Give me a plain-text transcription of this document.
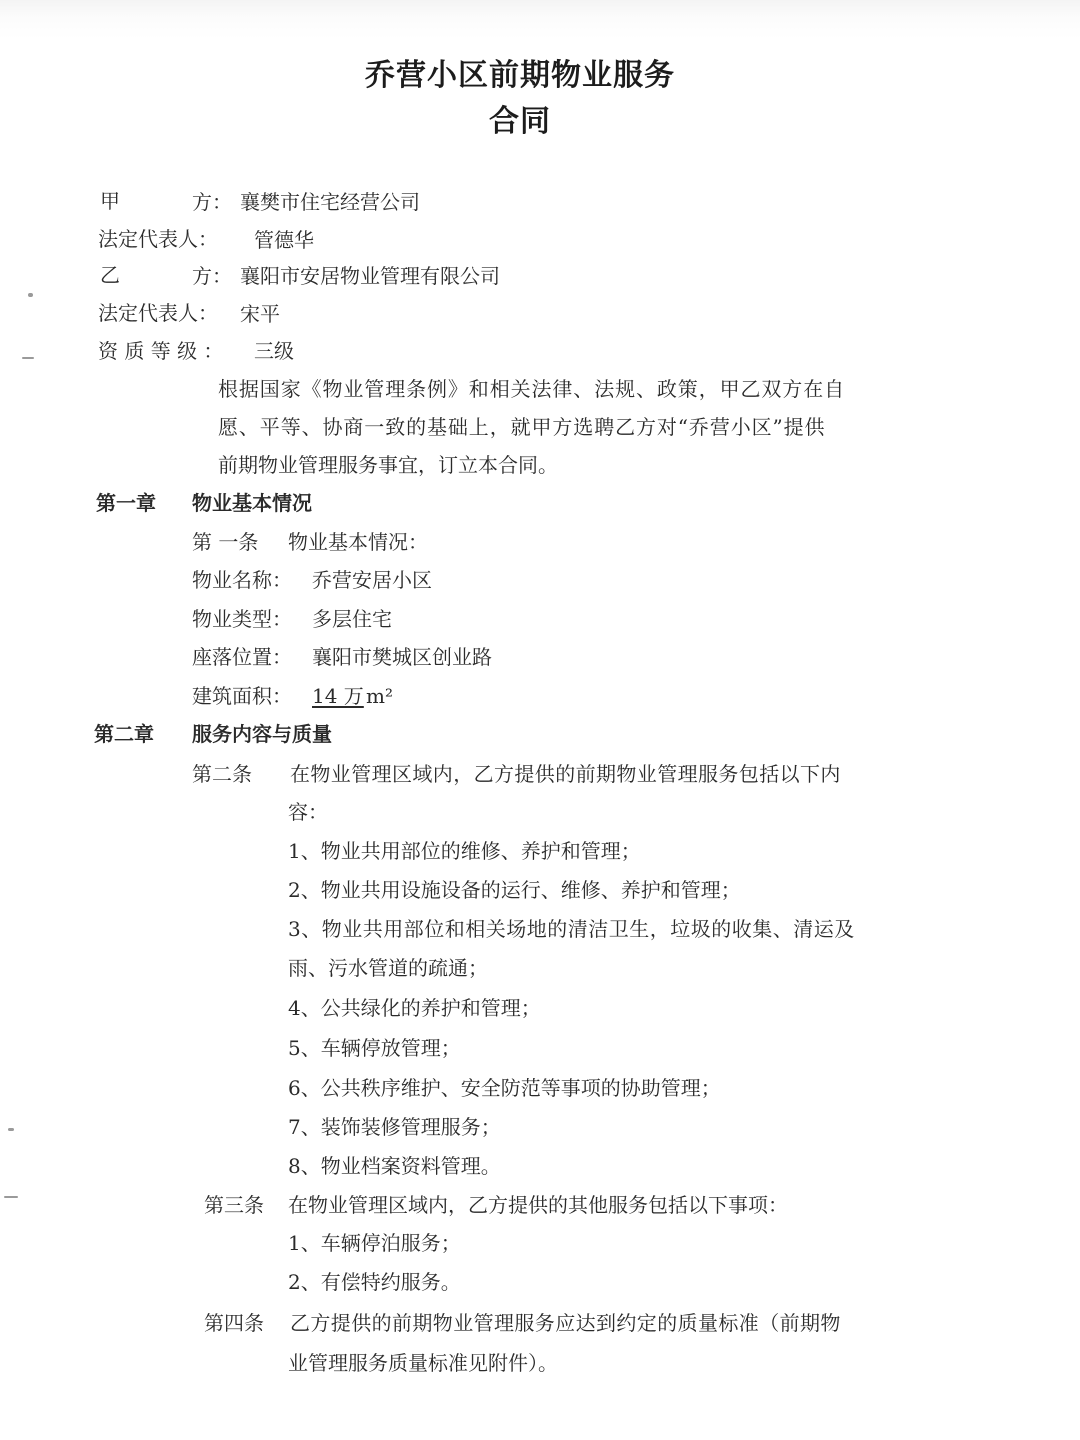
乔营小区前期物业服务
合同
甲	方： 襄樊市住宅经营公司
法定代表人： 管德华
乙	方： 襄阳市安居物业管理有限公司
法定代表人： 宋平
资 质 等 级 ： 三级
根据国家《物业管理条例》和相关法律、法规、政策，甲乙双方在自
愿、平等、协商一致的基础上，就甲方选聘乙方对“乔营小区”提供
前期物业管理服务事宜，订立本合同。
第一章 物业基本情况
第 一条 物业基本情况：
物业名称： 乔营安居小区
物业类型： 多层住宅
座落位置： 襄阳市樊城区创业路
建筑面积： 14 万 m²
第二章 服务内容与质量
第二条 在物业管理区域内，乙方提供的前期物业管理服务包括以下内
容：
1、物业共用部位的维修、养护和管理；
2、物业共用设施设备的运行、维修、养护和管理；
3、物业共用部位和相关场地的清洁卫生，垃圾的收集、清运及
雨、污水管道的疏通；
4、公共绿化的养护和管理；
5、车辆停放管理；
6、公共秩序维护、安全防范等事项的协助管理；
7、装饰装修管理服务；
8、物业档案资料管理。
第三条 在物业管理区域内，乙方提供的其他服务包括以下事项：
1、车辆停泊服务；
2、有偿特约服务。
第四条 乙方提供的前期物业管理服务应达到约定的质量标准（前期物
业管理服务质量标准见附件）。
